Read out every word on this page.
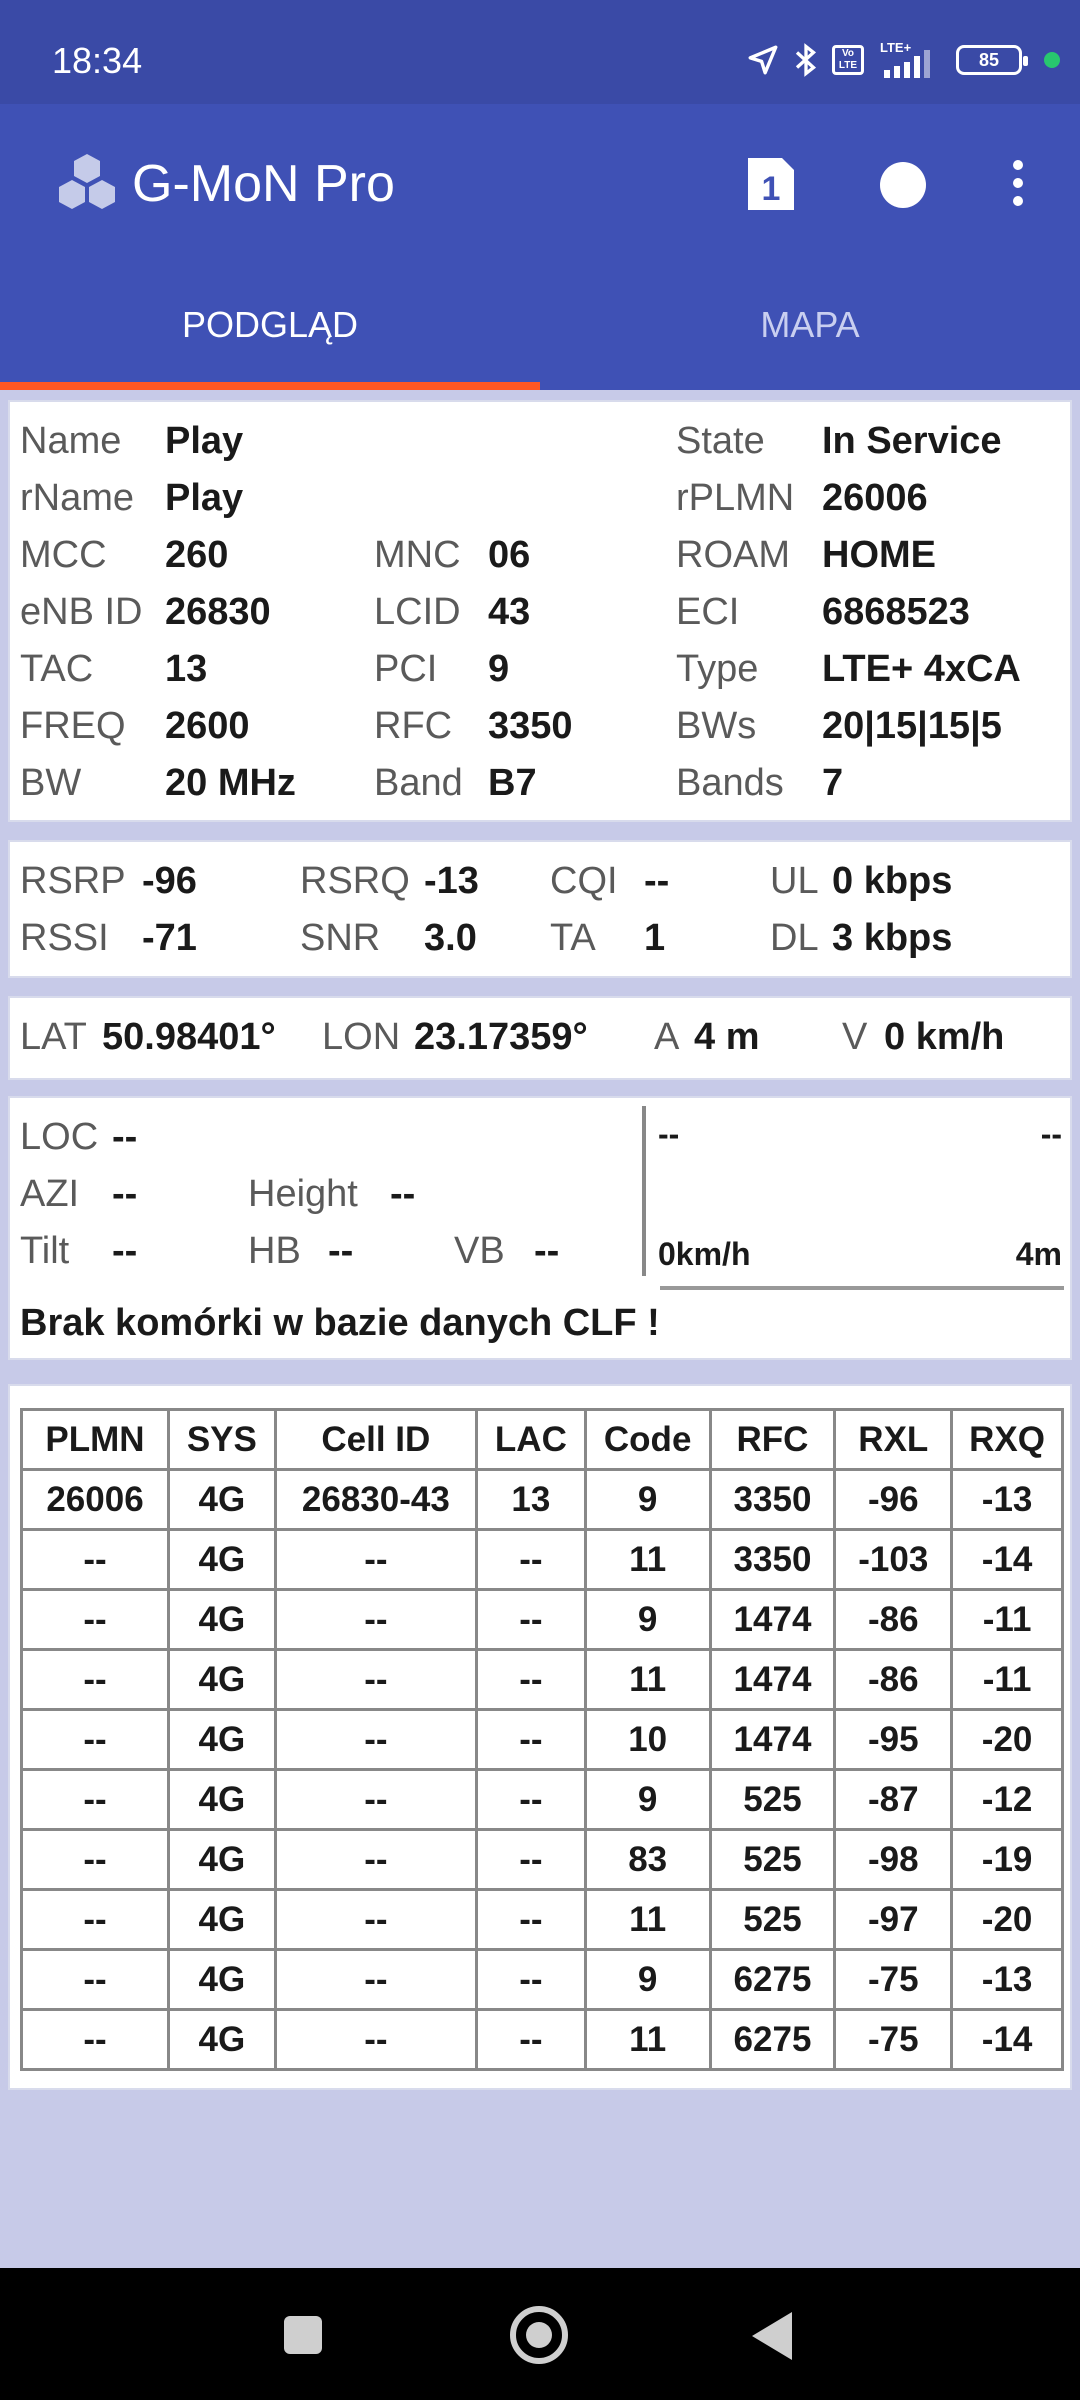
18:34	Vo LTE
LTE+
85
G-MoN Pro	1
PODGLĄD	MAPA
Name Play	State In Service
rName Play	rPLMN 26006
MCC 260	MNC 06	ROAM HOME
eNB ID 26830	LCID 43	ECI 6868523
TAC 13	PCI 9	Type LTE+ 4xCA
FREQ 2600	RFC 3350	BWs 20|15|15|5
BW 20 MHz Band B7	Bands 7
RSRP -96	RSRQ -13 CQI --	UL 0 kbps
RSSI -71	SNR 3.0 TA 1	DL 3 kbps
LAT 50.98401° LON 23.17359° A 4 m V 0 km/h
LOC --
AZI --	Height --
Tilt --	HB --	VB --
--	--
0km/h	4m
Brak komórki w bazie danych CLF !
PLMN	SYS	Cell ID	LAC	Code	RFC	RXL	RXQ
26006	4G	26830-43	13	9	3350	-96	-13
--	4G	--	--	11	3350	-103	-14
--	4G	--	--	9	1474	-86	-11
--	4G	--	--	11	1474	-86	-11
--	4G	--	--	10	1474	-95	-20
--	4G	--	--	9	525	-87	-12
--	4G	--	--	83	525	-98	-19
--	4G	--	--	11	525	-97	-20
--	4G	--	--	9	6275	-75	-13
--	4G	--	--	11	6275	-75	-14
